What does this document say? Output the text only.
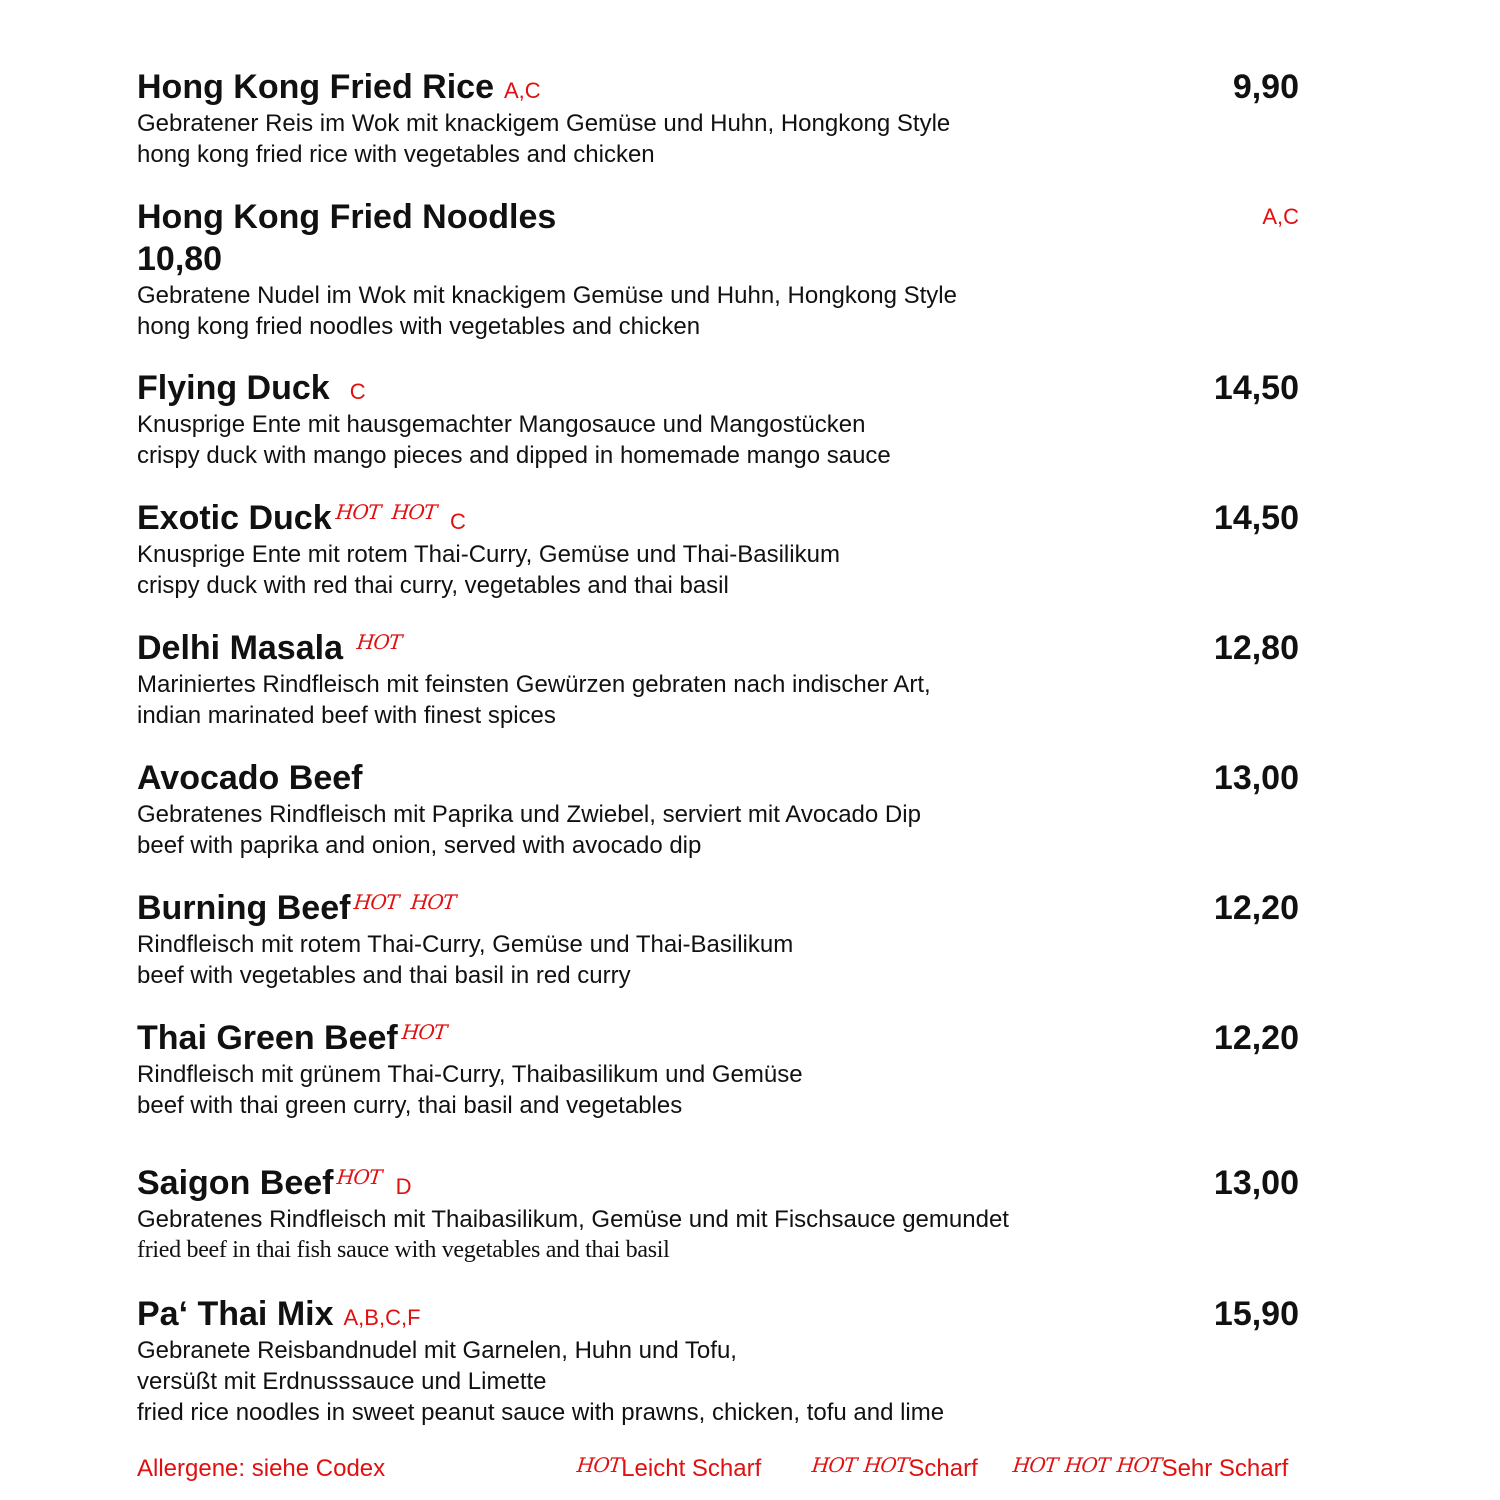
Hong Kong Fried Rice A,C	9,90
Gebratener Reis im Wok mit knackigem Gemüse und Huhn, Hongkong Style
hong kong fried rice with vegetables and chicken
Hong Kong Fried Noodles	A,C
10,80
Gebratene Nudel im Wok mit knackigem Gemüse und Huhn, Hongkong Style
hong kong fried noodles with vegetables and chicken
Flying Duck C	14,50
Knusprige Ente mit hausgemachter Mangosauce und Mangostücken
crispy duck with mango pieces and dipped in homemade mango sauce
Exotic Duck HOT HOT C	14,50
Knusprige Ente mit rotem Thai-Curry, Gemüse und Thai-Basilikum
crispy duck with red thai curry, vegetables and thai basil
Delhi Masala HOT	12,80
Mariniertes Rindfleisch mit feinsten Gewürzen gebraten nach indischer Art,
indian marinated beef with finest spices
Avocado Beef	13,00
Gebratenes Rindfleisch mit Paprika und Zwiebel, serviert mit Avocado Dip
beef with paprika and onion, served with avocado dip
Burning Beef HOT HOT	12,20
Rindfleisch mit rotem Thai-Curry, Gemüse und Thai-Basilikum
beef with vegetables and thai basil in red curry
Thai Green Beef HOT	12,20
Rindfleisch mit grünem Thai-Curry, Thaibasilikum und Gemüse
beef with thai green curry, thai basil and vegetables
Saigon Beef HOT D	13,00
Gebratenes Rindfleisch mit Thaibasilikum, Gemüse und mit Fischsauce gemundet
fried beef in thai fish sauce with vegetables and thai basil
Pa‘ Thai Mix A,B,C,F	15,90
Gebranete Reisbandnudel mit Garnelen, Huhn und Tofu,
versüßt mit Erdnusssauce und Limette
fried rice noodles in sweet peanut sauce with prawns, chicken, tofu and lime
Allergene: siehe Codex	HOTLeicht Scharf HOT HOTScharf HOT HOT HOTSehr Scharf
